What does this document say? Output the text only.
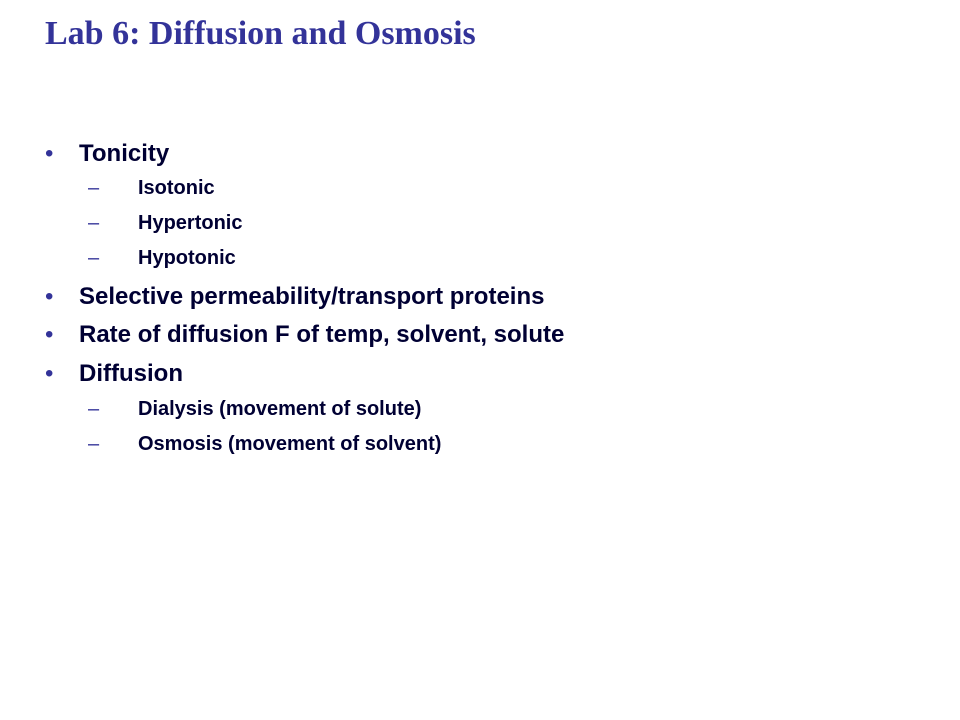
Lab 6: Diffusion and Osmosis
• Tonicity
– Isotonic
– Hypertonic
– Hypotonic
• Selective permeability/transport proteins
• Rate of diffusion F of temp, solvent, solute
• Diffusion
– Dialysis (movement of solute)
– Osmosis (movement of solvent)
